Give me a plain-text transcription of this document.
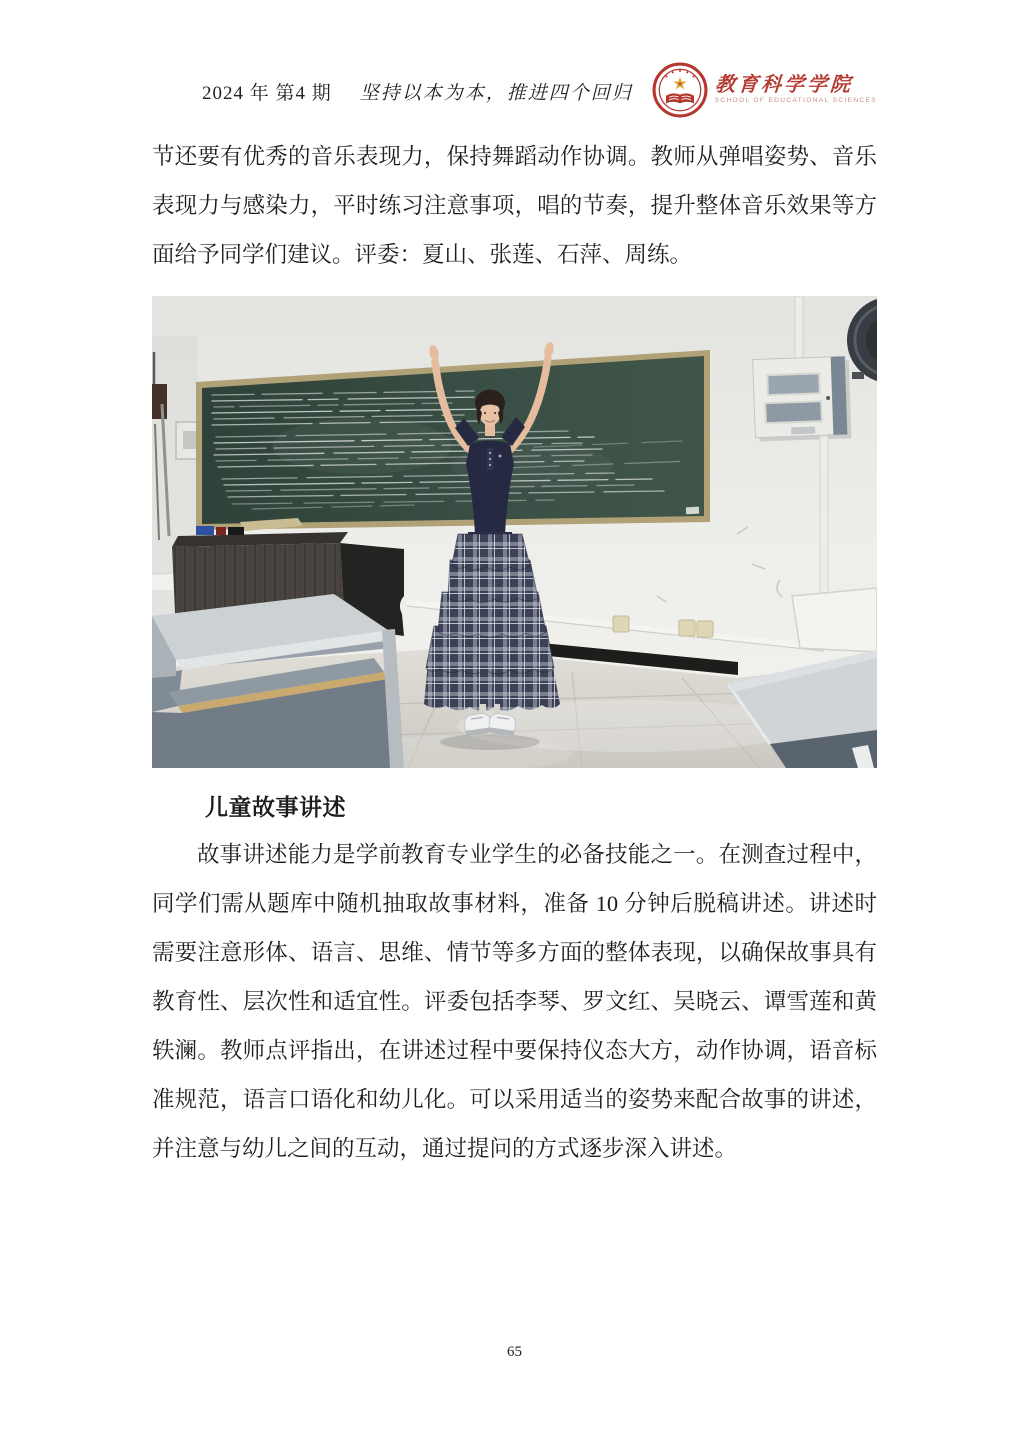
2024 年 第4 期 坚持以本为本，推进四个回归	教育科学学院
SCHOOL OF EDUCATIONAL SCIENCES

节还要有优秀的音乐表现力，保持舞蹈动作协调。教师从弹唱姿势、音乐表现力与感染力，平时练习注意事项，唱的节奏，提升整体音乐效果等方面给予同学们建议。评委：夏山、张莲、石萍、周练。

儿童故事讲述

故事讲述能力是学前教育专业学生的必备技能之一。在测查过程中，同学们需从题库中随机抽取故事材料，准备 10 分钟后脱稿讲述。讲述时需要注意形体、语言、思维、情节等多方面的整体表现，以确保故事具有教育性、层次性和适宜性。评委包括李琴、罗文红、吴晓云、谭雪莲和黄轶澜。教师点评指出，在讲述过程中要保持仪态大方，动作协调，语音标准规范，语言口语化和幼儿化。可以采用适当的姿势来配合故事的讲述，并注意与幼儿之间的互动，通过提问的方式逐步深入讲述。

65
